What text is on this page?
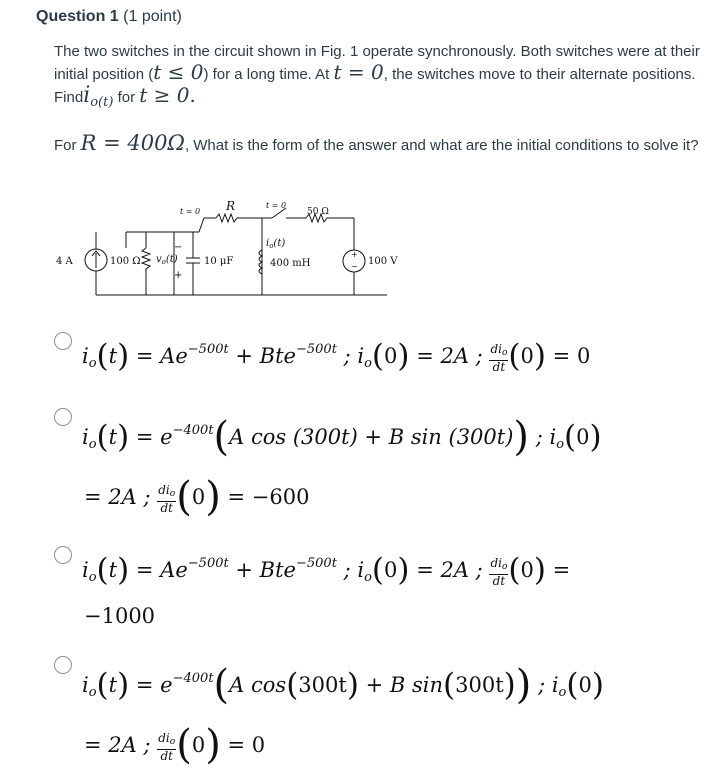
Question 1 (1 point)

The two switches in the circuit shown in Fig. 1 operate synchronously. Both switches were at their initial position (t ≤ 0) for a long time. At t = 0, the switches move to their alternate positions. Findi$_{o(t)}$ for t ≥ 0.

For R = 400Ω, What is the form of the answer and what are the initial conditions to solve it?

4 A	100 Ω $v_o(t)$
−
+
10 μF
t = 0 R	t = 0
50 Ω
$i_o(t)$
400 mH	100 V
+
−
$i_o(t) = Ae^{-500t} + Bte^{-500t}$ ; $i_o(0) = 2A$ ; $\frac{di_o}{dt} (0) = 0$
$i_o(t) = e^{-400t}(A$ cos (300t) + B sin (300t)) ; $i_o(0)$
= 2A ; $\frac{di_o}{dt} (0) = -600$
$i_o(t) = Ae^{-500t} + Bte^{-500t}$ ; $i_o(0) = 2A$ ; $\frac{di_o}{dt} (0)$ =
−1000
$i_o(t) = e^{-400t}(A$ cos(300t) + B sin(300t)) ; $i_o(0)$
= 2A ; $\frac{di_o}{dt} (0) = 0$
